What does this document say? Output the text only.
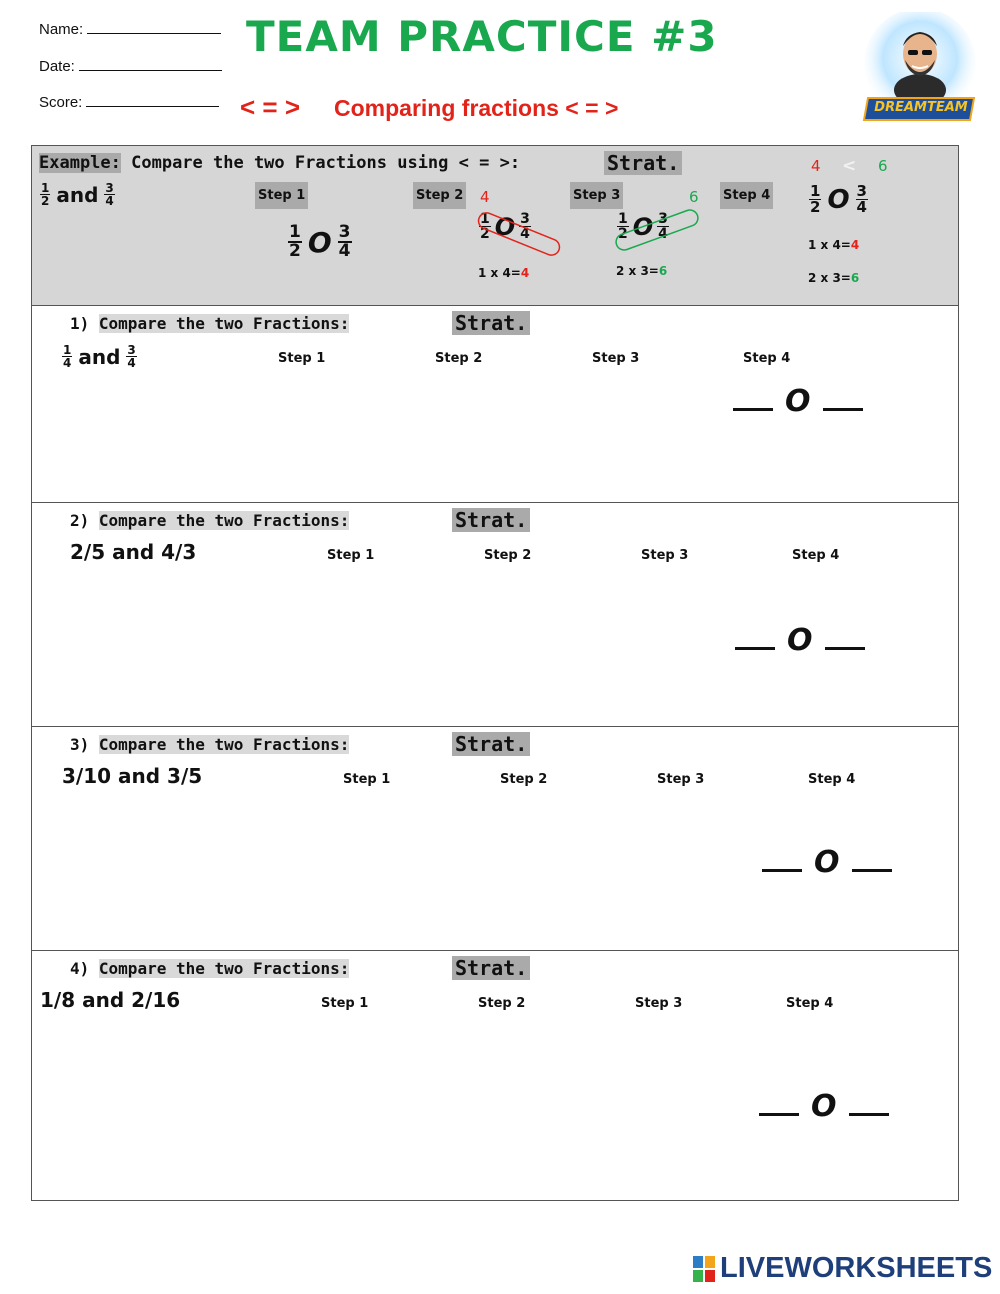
Name:
Date:
Score:
TEAM PRACTICE #3
< = > Comparing fractions < = >	DREAMTEAM
Example: Compare the two Fractions using < = >:	Strat.
$\frac{1}{2}$ and $\frac{3}{4}$	Step 1	Step 2	Step 3	Step 4
$\frac{1}{2}$ O $\frac{3}{4}$
4
$\frac{1}{2}$ O $\frac{3}{4}$
1 x 4=4
6
$\frac{1}{2}$ O $\frac{3}{4}$
2 x 3=6
4 < 6
$\frac{1}{2}$ O $\frac{3}{4}$
1 x 4=4
2 x 3=6
1) Compare the two Fractions:	Strat.
$\frac{1}{4}$ and $\frac{3}{4}$	Step 1	Step 2	Step 3	Step 4
O
2) Compare the two Fractions:	Strat.
2/5 and 4/3	Step 1	Step 2	Step 3	Step 4
O
3) Compare the two Fractions:	Strat.
3/10 and 3/5	Step 1	Step 2	Step 3	Step 4
O
4) Compare the two Fractions:	Strat.
1/8 and 2/16	Step 1	Step 2	Step 3	Step 4
O
LIVEWORKSHEETS
